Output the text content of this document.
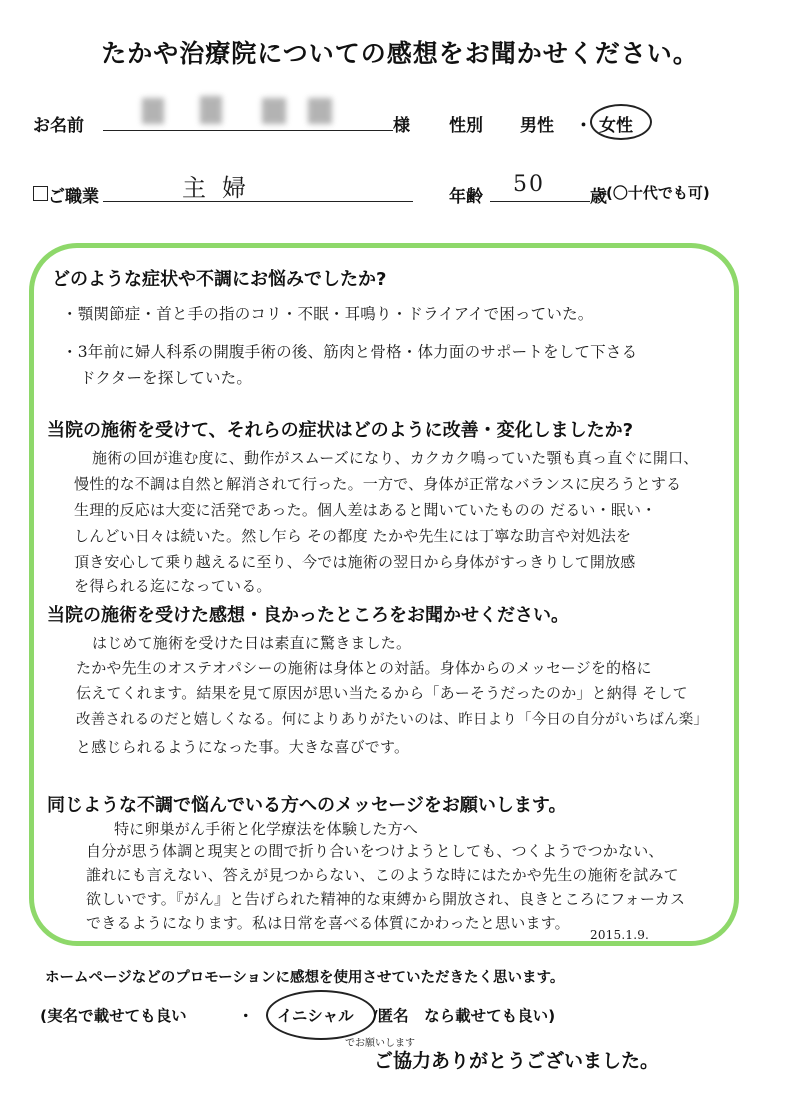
たかや治療院についての感想をお聞かせください。
お名前	様 性別 男性 ・ 女性
ご職業	主婦	年齢 50	歳 (〇十代でも可)
どのような症状や不調にお悩みでしたか?
・顎関節症・首と手の指のコリ・不眠・耳鳴り・ドライアイで困っていた。
・3年前に婦人科系の開腹手術の後、筋肉と骨格・体力面のサポートをして下さる
ドクターを探していた。
当院の施術を受けて、それらの症状はどのように改善・変化しましたか?
施術の回が進む度に、動作がスムーズになり、カクカク鳴っていた顎も真っ直ぐに開口、
慢性的な不調は自然と解消されて行った。一方で、身体が正常なバランスに戻ろうとする
生理的反応は大変に活発であった。個人差はあると聞いていたものの だるい・眠い・
しんどい日々は続いた。然し乍ら その都度 たかや先生には丁寧な助言や対処法を
頂き安心して乗り越えるに至り、今では施術の翌日から身体がすっきりして開放感
を得られる迄になっている。
当院の施術を受けた感想・良かったところをお聞かせください。
はじめて施術を受けた日は素直に驚きました。
たかや先生のオステオパシーの施術は身体との対話。身体からのメッセージを的格に
伝えてくれます。結果を見て原因が思い当たるから「あーそうだったのか」と納得 そして
改善されるのだと嬉しくなる。何によりありがたいのは、昨日より「今日の自分がいちばん楽」
と感じられるようになった事。大きな喜びです。
同じような不調で悩んでいる方へのメッセージをお願いします。
特に卵巣がん手術と化学療法を体験した方へ
自分が思う体調と現実との間で折り合いをつけようとしても、つくようでつかない、
誰れにも言えない、答えが見つからない、このような時にはたかや先生の施術を試みて
欲しいです。『がん』と告げられた精神的な束縛から開放され、良きところにフォーカス
できるようになります。私は日常を喜べる体質にかわったと思います。
2015.1.9.
ホームページなどのプロモーションに感想を使用させていただきたく思います。
(実名で載せても良い	・ イニシャル /匿名　なら載せても良い)
でお願いします
ご協力ありがとうございました。
